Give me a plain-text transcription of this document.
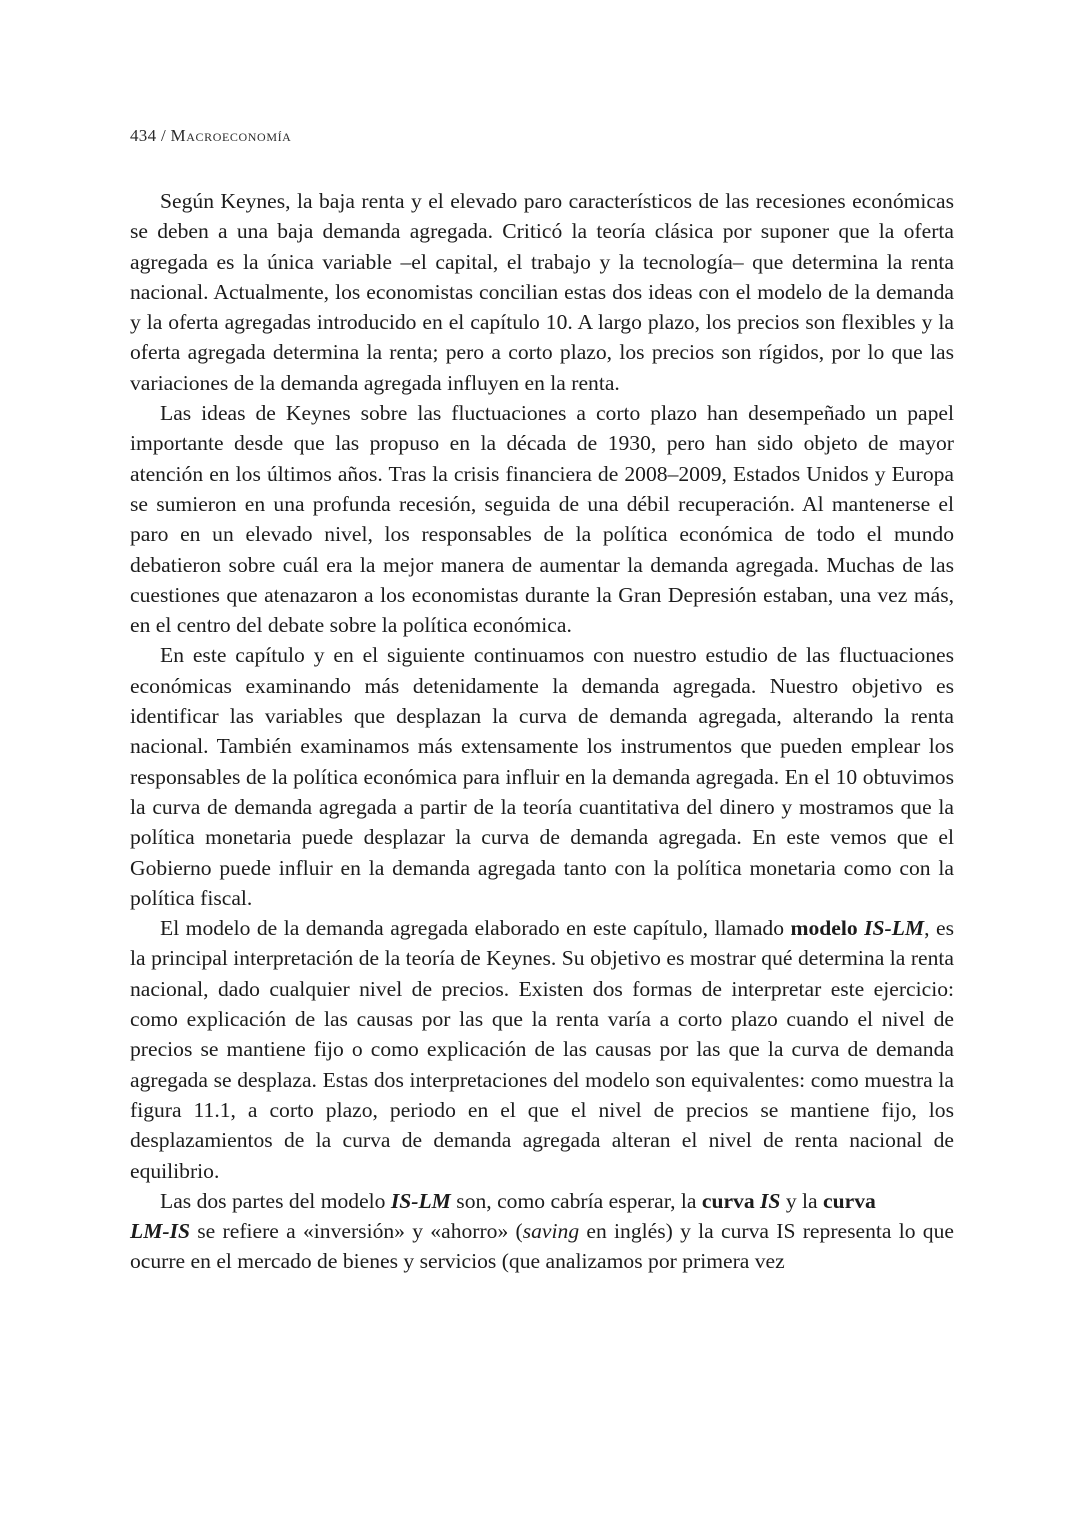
434 / Macroeconomía

Según Keynes, la baja renta y el elevado paro característicos de las recesiones económicas se deben a una baja demanda agregada. Criticó la teoría clásica por suponer que la oferta agregada es la única variable –el capital, el trabajo y la tecnología– que determina la renta nacional. Actualmente, los economistas concilian estas dos ideas con el modelo de la demanda y la oferta agregadas introducido en el capítulo 10. A largo plazo, los precios son flexibles y la oferta agregada determina la renta; pero a corto plazo, los precios son rígidos, por lo que las variaciones de la demanda agregada influyen en la renta.

Las ideas de Keynes sobre las fluctuaciones a corto plazo han desempeñado un papel importante desde que las propuso en la década de 1930, pero han sido objeto de mayor atención en los últimos años. Tras la crisis financiera de 2008–2009, Estados Unidos y Europa se sumieron en una profunda recesión, seguida de una débil recuperación. Al mantenerse el paro en un elevado nivel, los responsables de la política económica de todo el mundo debatieron sobre cuál era la mejor manera de aumentar la demanda agregada. Muchas de las cuestiones que atenazaron a los economistas durante la Gran Depresión estaban, una vez más, en el centro del debate sobre la política económica.

En este capítulo y en el siguiente continuamos con nuestro estudio de las fluctuaciones económicas examinando más detenidamente la demanda agregada. Nuestro objetivo es identificar las variables que desplazan la curva de demanda agregada, alterando la renta nacional. También examinamos más extensamente los instrumentos que pueden emplear los responsables de la política económica para influir en la demanda agregada. En el 10 obtuvimos la curva de demanda agregada a partir de la teoría cuantitativa del dinero y mostramos que la política monetaria puede desplazar la curva de demanda agregada. En este vemos que el Gobierno puede influir en la demanda agregada tanto con la política monetaria como con la política fiscal.

El modelo de la demanda agregada elaborado en este capítulo, llamado modelo IS-LM, es la principal interpretación de la teoría de Keynes. Su objetivo es mostrar qué determina la renta nacional, dado cualquier nivel de precios. Existen dos formas de interpretar este ejercicio: como explicación de las causas por las que la renta varía a corto plazo cuando el nivel de precios se mantiene fijo o como explicación de las causas por las que la curva de demanda agregada se desplaza. Estas dos interpretaciones del modelo son equivalentes: como muestra la figura 11.1, a corto plazo, periodo en el que el nivel de precios se mantiene fijo, los desplazamientos de la curva de demanda agregada alteran el nivel de renta nacional de equilibrio.

Las dos partes del modelo IS-LM son, como cabría esperar, la curva IS y la curva
LM-IS se refiere a «inversión» y «ahorro» (saving en inglés) y la curva IS representa lo que ocurre en el mercado de bienes y servicios (que analizamos por primera vez
